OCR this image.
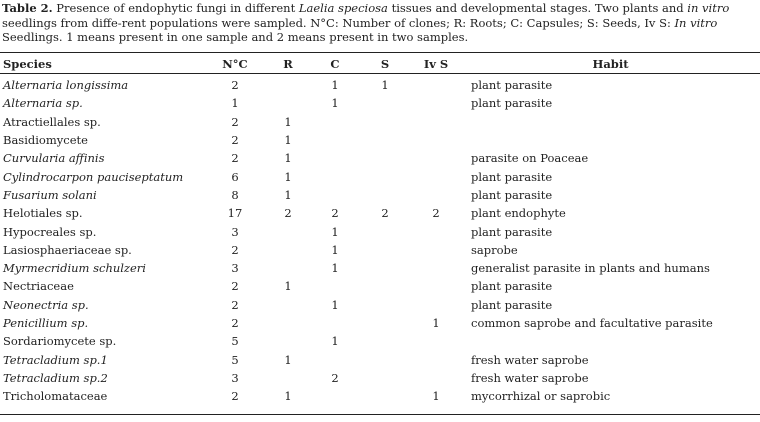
Table 2. Presence of endophytic fungi in different Laelia speciosa tissues and developmental stages. Two plants and in vitro seedlings from diffe-rent populations were sampled. N°C: Number of clones; R: Roots; C: Capsules; S: Seeds, Iv S: In vitro Seedlings. 1 means present in one sample and 2 means present in two samples.
Species	N°C	R	C	S	Iv S	Habit
Alternaria longissima	2		1	1		plant parasite
Alternaria sp.	1		1			plant parasite
Atractiellales sp.	2	1				
Basidiomycete	2	1				
Curvularia affinis	2	1				parasite on Poaceae
Cylindrocarpon pauciseptatum	6	1				plant parasite
Fusarium solani	8	1				plant parasite
Helotiales sp.	17	2	2	2	2	plant endophyte
Hypocreales sp.	3		1			plant parasite
Lasiosphaeriaceae sp.	2		1			saprobe
Myrmecridium schulzeri	3		1			generalist parasite in plants and humans
Nectriaceae	2	1				plant parasite
Neonectria sp.	2		1			plant parasite
Penicillium sp.	2				1	common saprobe and facultative parasite
Sordariomycete sp.	5		1			
Tetracladium sp.1	5	1				fresh water saprobe
Tetracladium sp.2	3		2			fresh water saprobe
Tricholomataceae	2	1			1	mycorrhizal or saprobic
